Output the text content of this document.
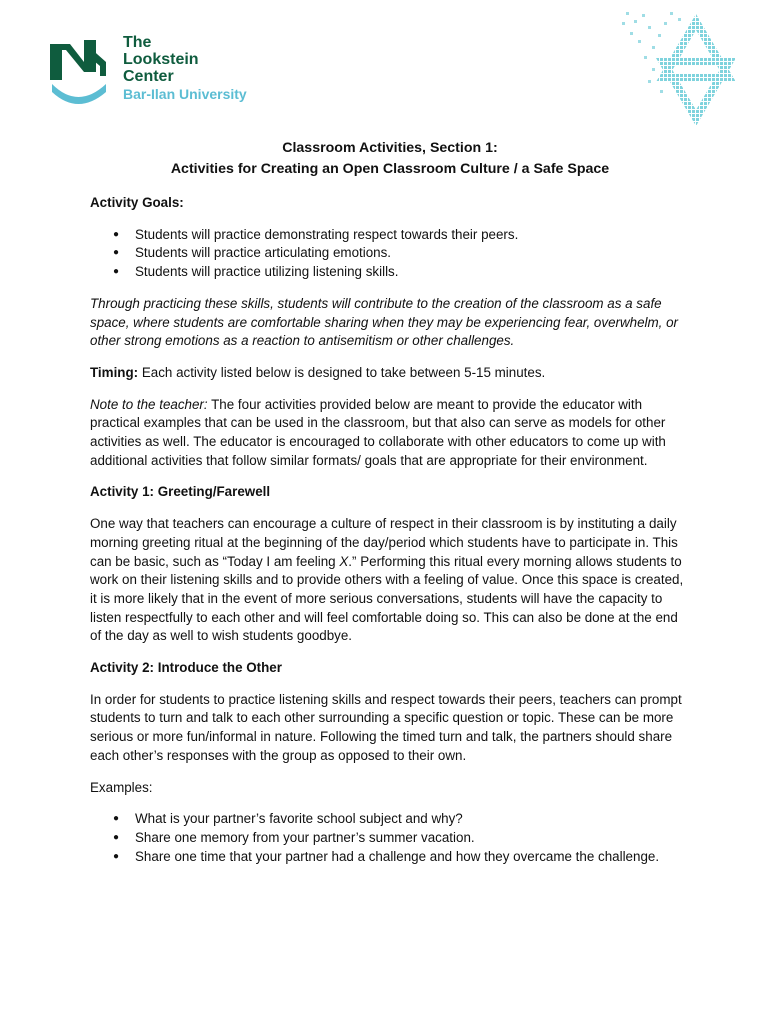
The
Lookstein
Center
Bar-Ilan University
Classroom Activities, Section 1:
Activities for Creating an Open Classroom Culture / a Safe Space

Activity Goals:

● Students will practice demonstrating respect towards their peers.
● Students will practice articulating emotions.
● Students will practice utilizing listening skills.

Through practicing these skills, students will contribute to the creation of the classroom as a safe space, where students are comfortable sharing when they may be experiencing fear, overwhelm, or other strong emotions as a reaction to antisemitism or other challenges.

Timing: Each activity listed below is designed to take between 5-15 minutes.

Note to the teacher: The four activities provided below are meant to provide the educator with practical examples that can be used in the classroom, but that also can serve as models for other activities as well. The educator is encouraged to collaborate with other educators to come up with additional activities that follow similar formats/ goals that are appropriate for their environment.

Activity 1: Greeting/Farewell

One way that teachers can encourage a culture of respect in their classroom is by instituting a daily morning greeting ritual at the beginning of the day/period which students have to participate in. This can be basic, such as “Today I am feeling X.” Performing this ritual every morning allows students to work on their listening skills and to provide others with a feeling of value. Once this space is created, it is more likely that in the event of more serious conversations, students will have the capacity to listen respectfully to each other and will feel comfortable doing so. This can also be done at the end of the day as well to wish students goodbye.

Activity 2: Introduce the Other

In order for students to practice listening skills and respect towards their peers, teachers can prompt students to turn and talk to each other surrounding a specific question or topic. These can be more serious or more fun/informal in nature. Following the timed turn and talk, the partners should share each other’s responses with the group as opposed to their own.

Examples:

● What is your partner’s favorite school subject and why?
● Share one memory from your partner’s summer vacation.
● Share one time that your partner had a challenge and how they overcame the challenge.
